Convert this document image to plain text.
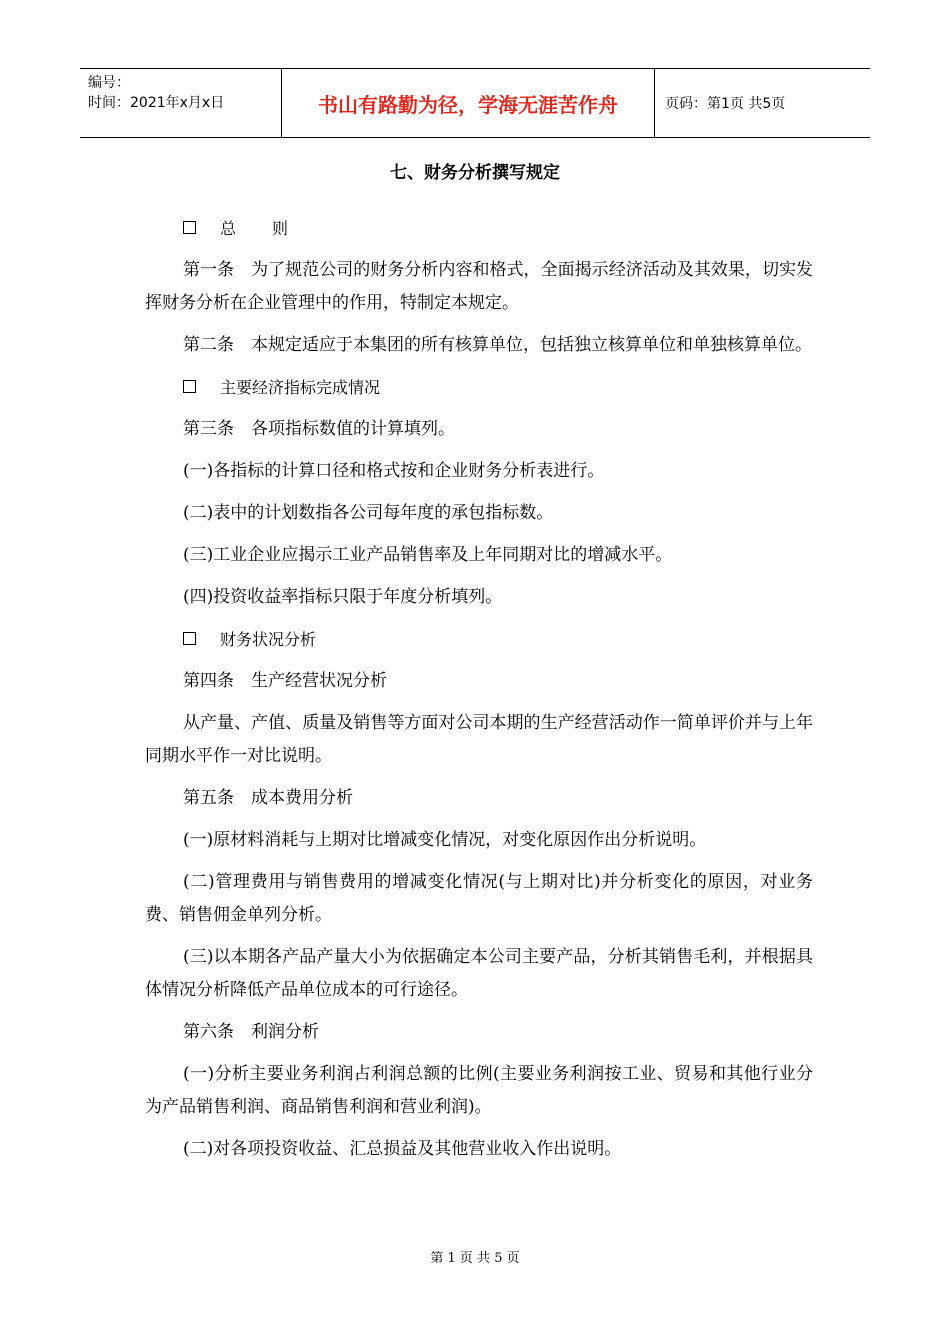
编号：
时间：2021年x月x日	书山有路勤为径，学海无涯苦作舟	页码：第1页 共5页
七、财务分析撰写规定

总 则

第一条　为了规范公司的财务分析内容和格式，全面揭示经济活动及其效果，切实发挥财务分析在企业管理中的作用，特制定本规定。

第二条　本规定适应于本集团的所有核算单位，包括独立核算单位和单独核算单位。

主要经济指标完成情况

第三条　各项指标数值的计算填列。

(一)各指标的计算口径和格式按和企业财务分析表进行。

(二)表中的计划数指各公司每年度的承包指标数。

(三)工业企业应揭示工业产品销售率及上年同期对比的增减水平。

(四)投资收益率指标只限于年度分析填列。

财务状况分析

第四条　生产经营状况分析

从产量、产值、质量及销售等方面对公司本期的生产经营活动作一简单评价并与上年同期水平作一对比说明。

第五条　成本费用分析

(一)原材料消耗与上期对比增减变化情况，对变化原因作出分析说明。

(二)管理费用与销售费用的增减变化情况(与上期对比)并分析变化的原因，对业务费、销售佣金单列分析。

(三)以本期各产品产量大小为依据确定本公司主要产品，分析其销售毛利，并根据具体情况分析降低产品单位成本的可行途径。

第六条　利润分析

(一)分析主要业务利润占利润总额的比例(主要业务利润按工业、贸易和其他行业分为产品销售利润、商品销售利润和营业利润)。

(二)对各项投资收益、汇总损益及其他营业收入作出说明。

第 1 页 共 5 页
